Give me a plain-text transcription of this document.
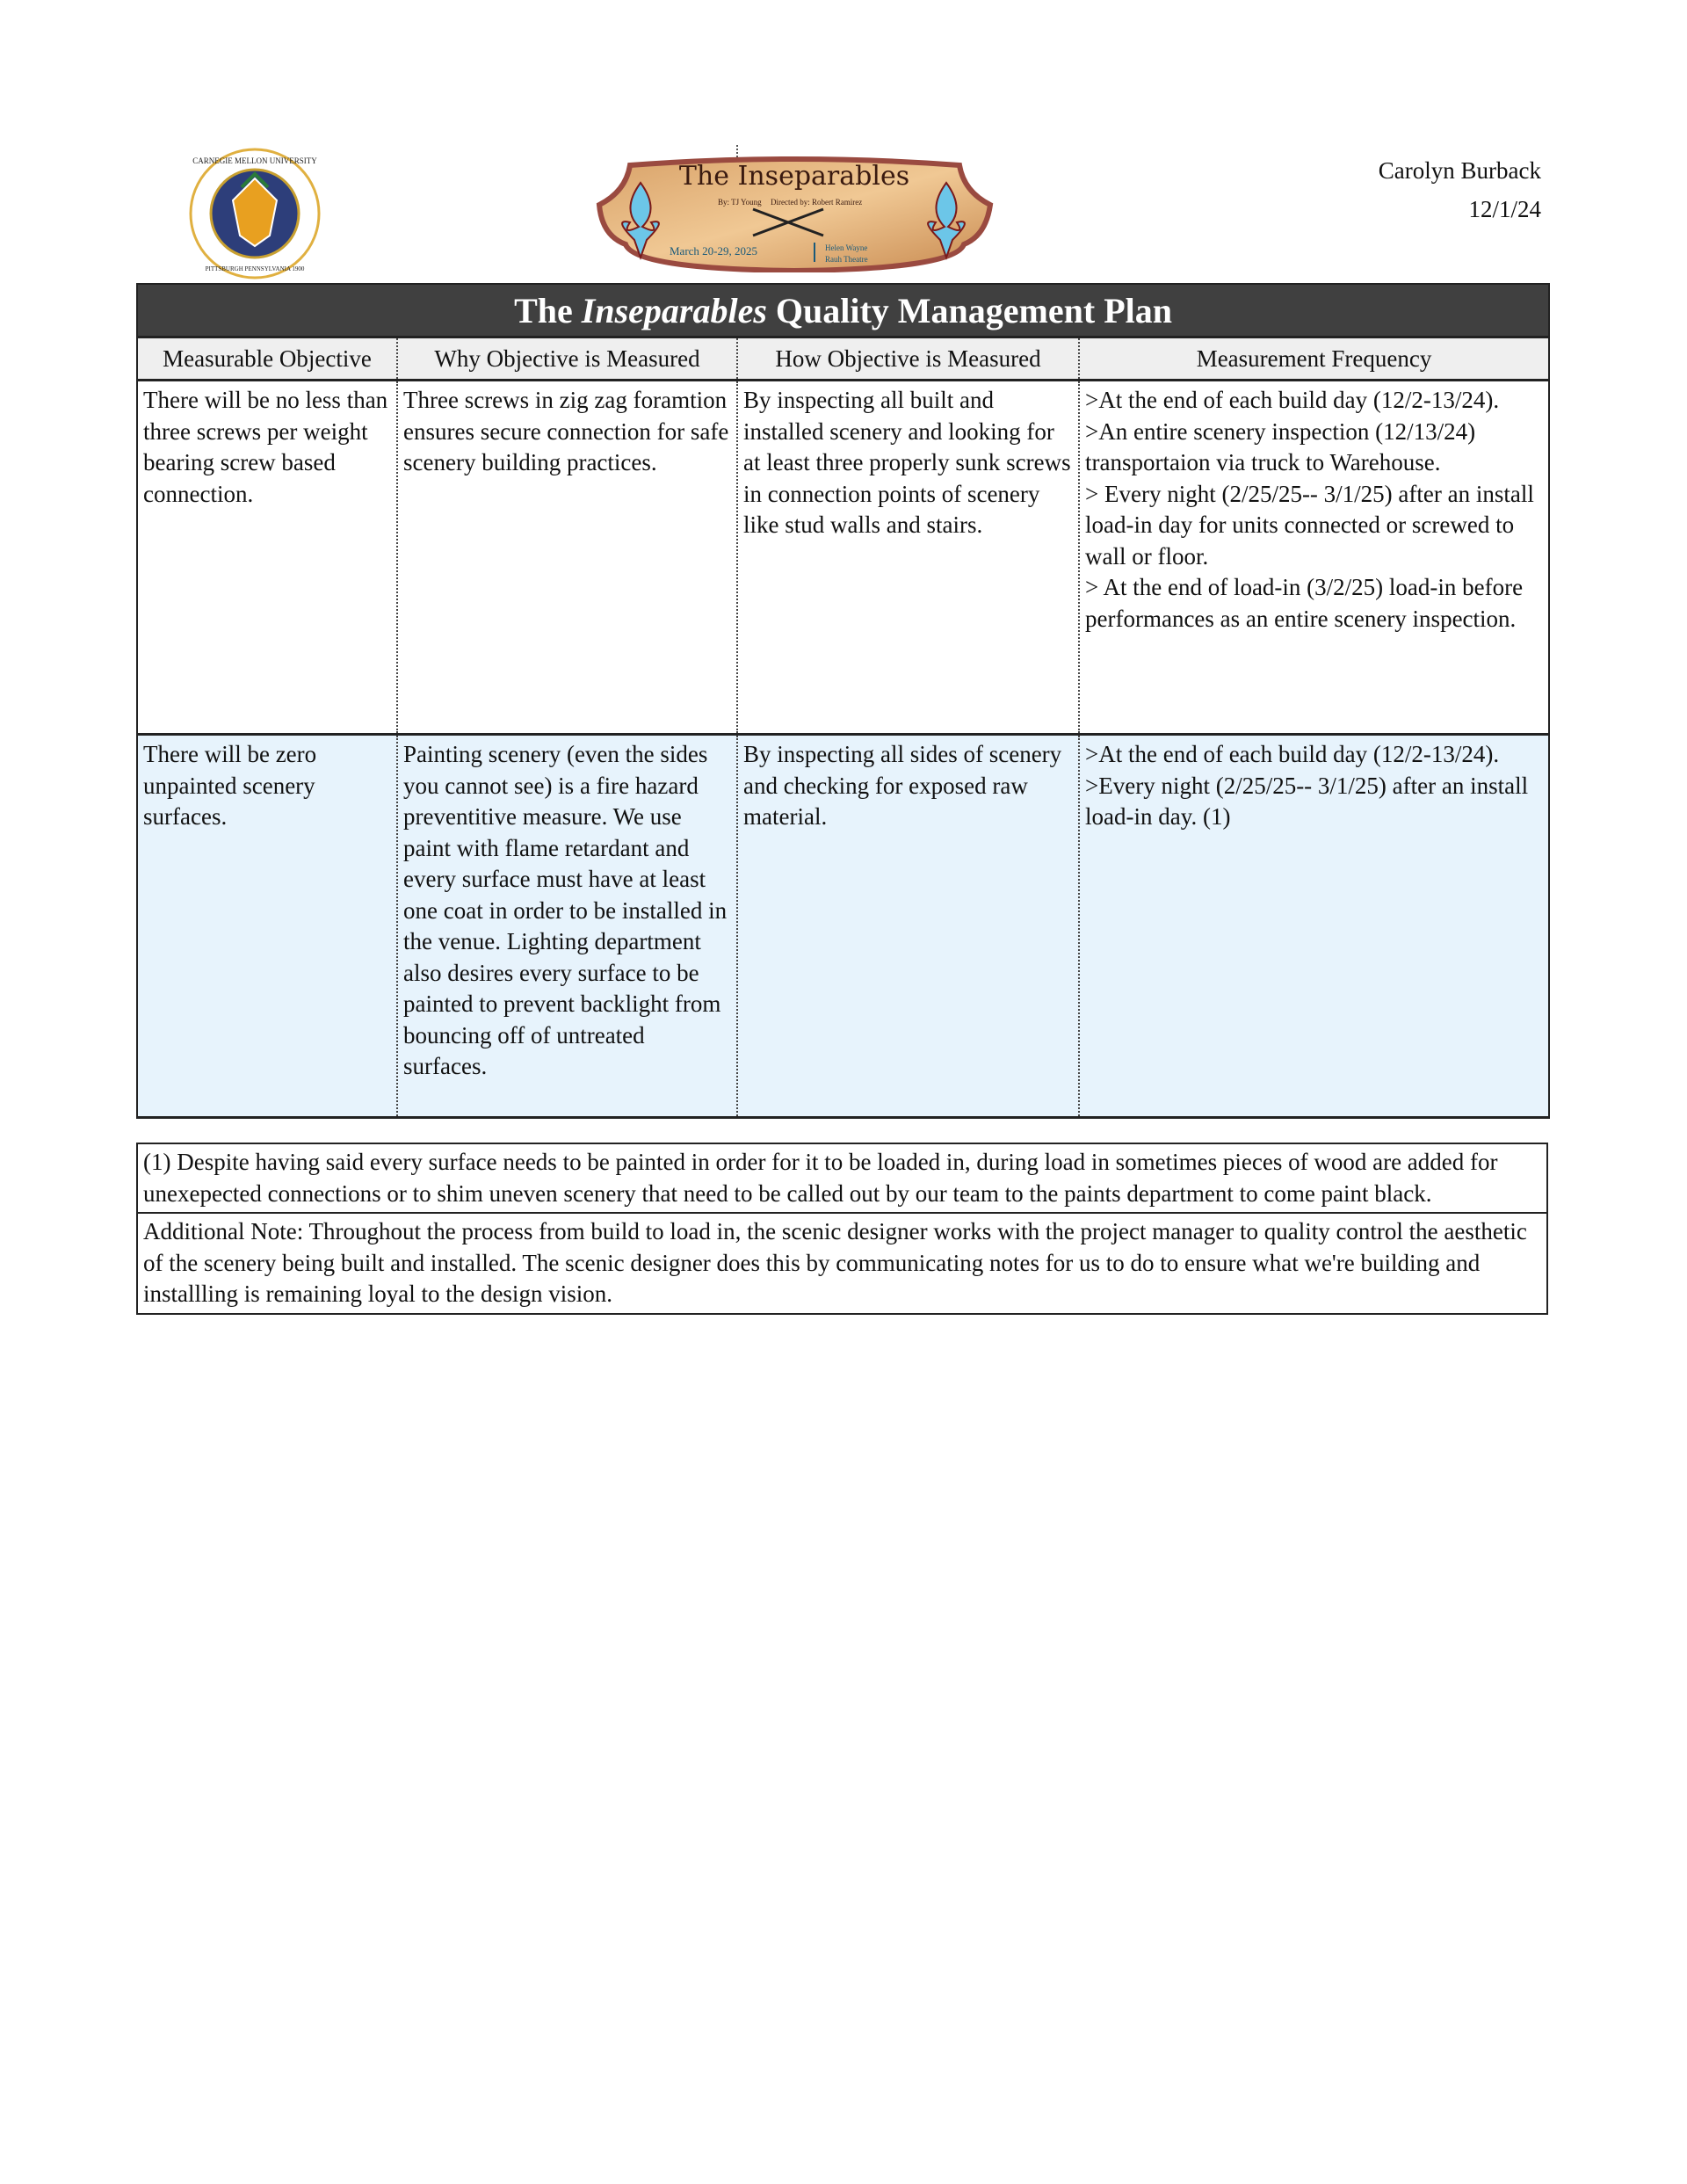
CARNEGIE MELLON UNIVERSITY
PITTSBURGH PENNSYLVANIA 1900
The Inseparables
By: TJ Young Directed by: Robert Ramirez
March 20-29, 2025	Helen Wayne
Rauh Theatre
Carolyn Burback
12/1/24
The Inseparables Quality Management Plan			
Measurable Objective	Why Objective is Measured	How Objective is Measured	Measurement Frequency
There will be no less than three screws per weight bearing screw based connection.	Three screws in zig zag foramtion ensures secure connection for safe scenery building practices.	By inspecting all built and installed scenery and looking for at least three properly sunk screws in connection points of scenery like stud walls and stairs.	>At the end of each build day (12/2-13/24).
>An entire scenery inspection (12/13/24) transportaion via truck to Warehouse.
> Every night (2/25/25-- 3/1/25) after an install load-in day for units connected or screwed to wall or floor.
> At the end of load-in (3/2/25) load-in before performances as an entire scenery inspection.

There will be zero unpainted scenery surfaces.	Painting scenery (even the sides you cannot see) is a fire hazard preventitive measure. We use paint with flame retardant and every surface must have at least one coat in order to be installed in the venue. Lighting department also desires every surface to be painted to prevent backlight from bouncing off of untreated surfaces.	By inspecting all sides of scenery and checking for exposed raw material.	>At the end of each build day (12/2-13/24).
>Every night (2/25/25-- 3/1/25) after an install load-in day. (1)
(1) Despite having said every surface needs to be painted in order for it to be loaded in, during load in sometimes pieces of wood are added for unexepected connections or to shim uneven scenery that need to be called out by our team to the paints department to come paint black.
Additional Note: Throughout the process from build to load in, the scenic designer works with the project manager to quality control the aesthetic of the scenery being built and installed. The scenic designer does this by communicating notes for us to do to ensure what we're building and installling is remaining loyal to the design vision.
